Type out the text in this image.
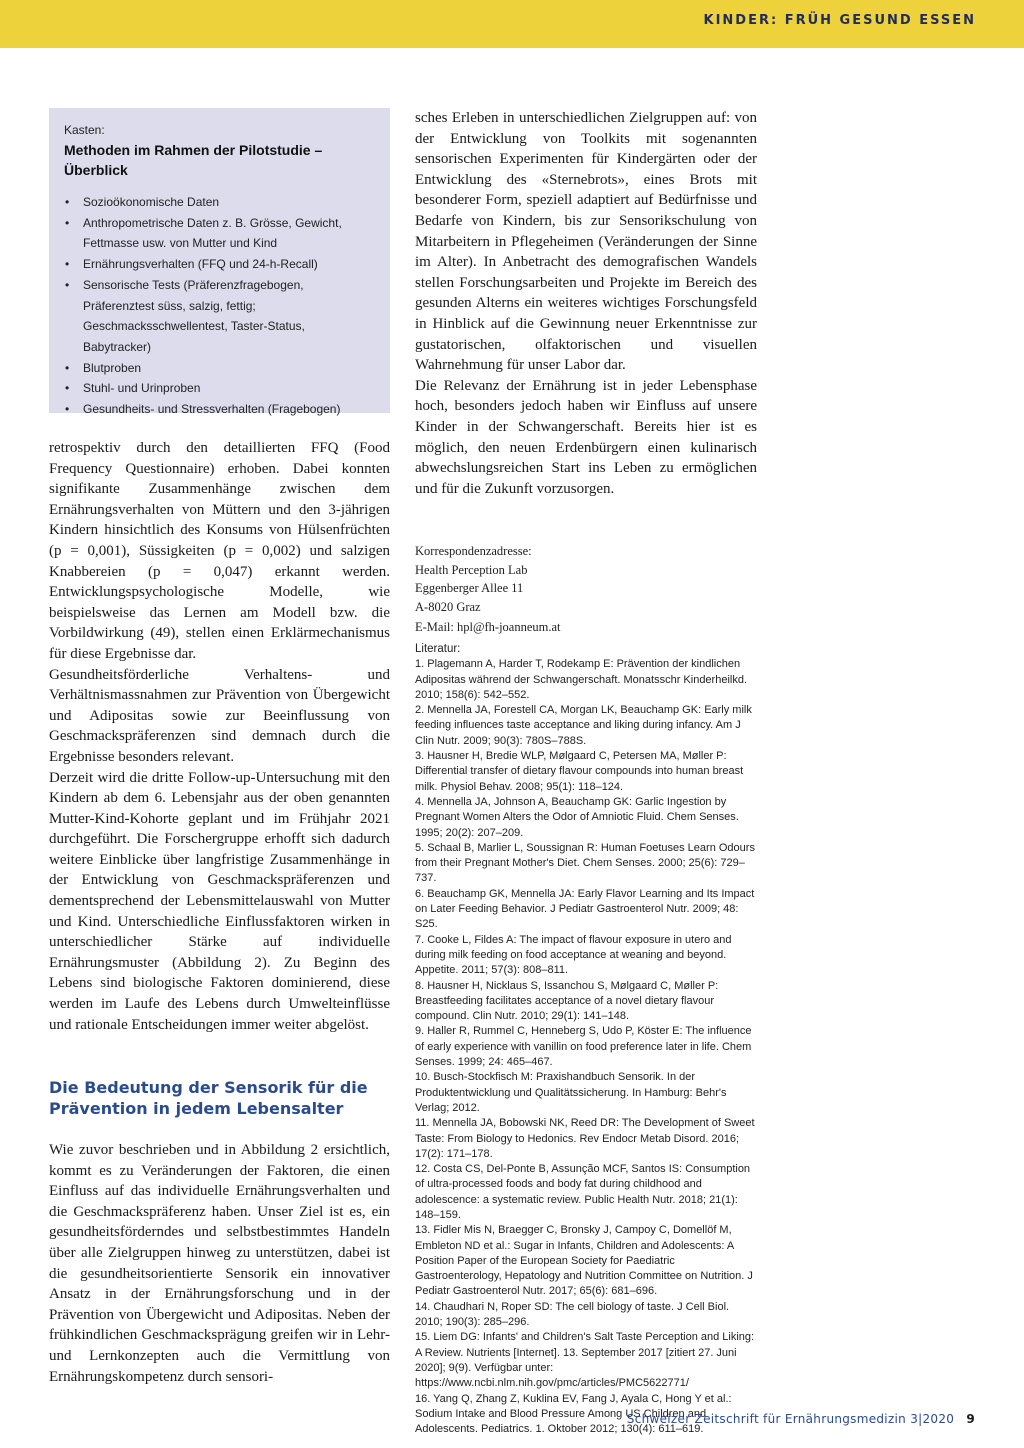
KINDER: FRÜH GESUND ESSEN
Kasten:
Methoden im Rahmen der Pilotstudie – Überblick
• Sozioökonomische Daten
• Anthropometrische Daten z. B. Grösse, Gewicht, Fettmasse usw. von Mutter und Kind
• Ernährungsverhalten (FFQ und 24-h-Recall)
• Sensorische Tests (Präferenzfragebogen, Präferenztest süss, salzig, fettig; Geschmacksschwellentest, Taster-Status, Babytracker)
• Blutproben
• Stuhl- und Urinproben
• Gesundheits- und Stressverhalten (Fragebogen)

retrospektiv durch den detaillierten FFQ (Food Frequency Questionnaire) erhoben. Dabei konnten signifikante Zusammenhänge zwischen dem Ernährungsverhalten von Müttern und den 3-jährigen Kindern hinsichtlich des Konsums von Hülsenfrüchten (p = 0,001), Süssigkeiten (p = 0,002) und salzigen Knabbereien (p = 0,047) erkannt werden. Entwicklungspsychologische Modelle, wie beispielsweise das Lernen am Modell bzw. die Vorbildwirkung (49), stellen einen Erklärmechanismus für diese Ergebnisse dar.

Gesundheitsförderliche Verhaltens- und Verhältnismassnahmen zur Prävention von Übergewicht und Adipositas sowie zur Beeinflussung von Geschmackspräferenzen sind demnach durch die Ergebnisse besonders relevant.

Derzeit wird die dritte Follow-up-Untersuchung mit den Kindern ab dem 6. Lebensjahr aus der oben genannten Mutter-Kind-Kohorte geplant und im Frühjahr 2021 durchgeführt. Die Forschergruppe erhofft sich dadurch weitere Einblicke über langfristige Zusammenhänge in der Entwicklung von Geschmackspräferenzen und dementsprechend der Lebensmittelauswahl von Mutter und Kind. Unterschiedliche Einflussfaktoren wirken in unterschiedlicher Stärke auf individuelle Ernährungsmuster (Abbildung 2). Zu Beginn des Lebens sind biologische Faktoren dominierend, diese werden im Laufe des Lebens durch Umwelteinflüsse und rationale Entscheidungen immer weiter abgelöst.

Die Bedeutung der Sensorik für die Prävention in jedem Lebensalter

Wie zuvor beschrieben und in Abbildung 2 ersichtlich, kommt es zu Veränderungen der Faktoren, die einen Einfluss auf das individuelle Ernährungsverhalten und die Geschmackspräferenz haben. Unser Ziel ist es, ein gesundheitsförderndes und selbstbestimmtes Handeln über alle Zielgruppen hinweg zu unterstützen, dabei ist die gesundheitsorientierte Sensorik ein innovativer Ansatz in der Ernährungsforschung und in der Prävention von Übergewicht und Adipositas. Neben der frühkindlichen Geschmacksprägung greifen wir in Lehr- und Lernkonzepten auch die Vermittlung von Ernährungskompetenz durch sensori-

sches Erleben in unterschiedlichen Zielgruppen auf: von der Entwicklung von Toolkits mit sogenannten sensorischen Experimenten für Kindergärten oder der Entwicklung des «Sternebrots», eines Brots mit besonderer Form, speziell adaptiert auf Bedürfnisse und Bedarfe von Kindern, bis zur Sensorikschulung von Mitarbeitern in Pflegeheimen (Veränderungen der Sinne im Alter). In Anbetracht des demografischen Wandels stellen Forschungsarbeiten und Projekte im Bereich des gesunden Alterns ein weiteres wichtiges Forschungsfeld in Hinblick auf die Gewinnung neuer Erkenntnisse zur gustatorischen, olfaktorischen und visuellen Wahrnehmung für unser Labor dar.

Die Relevanz der Ernährung ist in jeder Lebensphase hoch, besonders jedoch haben wir Einfluss auf unsere Kinder in der Schwangerschaft. Bereits hier ist es möglich, den neuen Erdenbürgern einen kulinarisch abwechslungsreichen Start ins Leben zu ermöglichen und für die Zukunft vorzusorgen.

Korrespondenzadresse:
Health Perception Lab
Eggenberger Allee 11
A-8020 Graz
E-Mail: hpl@fh-joanneum.at
Literatur:
1. Plagemann A, Harder T, Rodekamp E: Prävention der kindlichen Adipositas während der Schwangerschaft. Monatsschr Kinderheilkd. 2010; 158(6): 542–552.
2. Mennella JA, Forestell CA, Morgan LK, Beauchamp GK: Early milk feeding influences taste acceptance and liking during infancy. Am J Clin Nutr. 2009; 90(3): 780S–788S.
3. Hausner H, Bredie WLP, Mølgaard C, Petersen MA, Møller P: Differential transfer of dietary flavour compounds into human breast milk. Physiol Behav. 2008; 95(1): 118–124.
4. Mennella JA, Johnson A, Beauchamp GK: Garlic Ingestion by Pregnant Women Alters the Odor of Amniotic Fluid. Chem Senses. 1995; 20(2): 207–209.
5. Schaal B, Marlier L, Soussignan R: Human Foetuses Learn Odours from their Pregnant Mother's Diet. Chem Senses. 2000; 25(6): 729–737.
6. Beauchamp GK, Mennella JA: Early Flavor Learning and Its Impact on Later Feeding Behavior. J Pediatr Gastroenterol Nutr. 2009; 48: S25.
7. Cooke L, Fildes A: The impact of flavour exposure in utero and during milk feeding on food acceptance at weaning and beyond. Appetite. 2011; 57(3): 808–811.
8. Hausner H, Nicklaus S, Issanchou S, Mølgaard C, Møller P: Breastfeeding facilitates acceptance of a novel dietary flavour compound. Clin Nutr. 2010; 29(1): 141–148.
9. Haller R, Rummel C, Henneberg S, Udo P, Köster E: The influence of early experience with vanillin on food preference later in life. Chem Senses. 1999; 24: 465–467.
10. Busch-Stockfisch M: Praxishandbuch Sensorik. In der Produktentwicklung und Qualitätssicherung. In Hamburg: Behr's Verlag; 2012.
11. Mennella JA, Bobowski NK, Reed DR: The Development of Sweet Taste: From Biology to Hedonics. Rev Endocr Metab Disord. 2016; 17(2): 171–178.
12. Costa CS, Del-Ponte B, Assunção MCF, Santos IS: Consumption of ultra-processed foods and body fat during childhood and adolescence: a systematic review. Public Health Nutr. 2018; 21(1): 148–159.
13. Fidler Mis N, Braegger C, Bronsky J, Campoy C, Domellöf M, Embleton ND et al.: Sugar in Infants, Children and Adolescents: A Position Paper of the European Society for Paediatric Gastroenterology, Hepatology and Nutrition Committee on Nutrition. J Pediatr Gastroenterol Nutr. 2017; 65(6): 681–696.
14. Chaudhari N, Roper SD: The cell biology of taste. J Cell Biol. 2010; 190(3): 285–296.
15. Liem DG: Infants' and Children's Salt Taste Perception and Liking: A Review. Nutrients [Internet]. 13. September 2017 [zitiert 27. Juni 2020]; 9(9). Verfügbar unter: https://www.ncbi.nlm.nih.gov/pmc/articles/PMC5622771/
16. Yang Q, Zhang Z, Kuklina EV, Fang J, Ayala C, Hong Y et al.: Sodium Intake and Blood Pressure Among US Children and Adolescents. Pediatrics. 1. Oktober 2012; 130(4): 611–619.
Schweizer Zeitschrift für Ernährungsmedizin 3|2020 9
